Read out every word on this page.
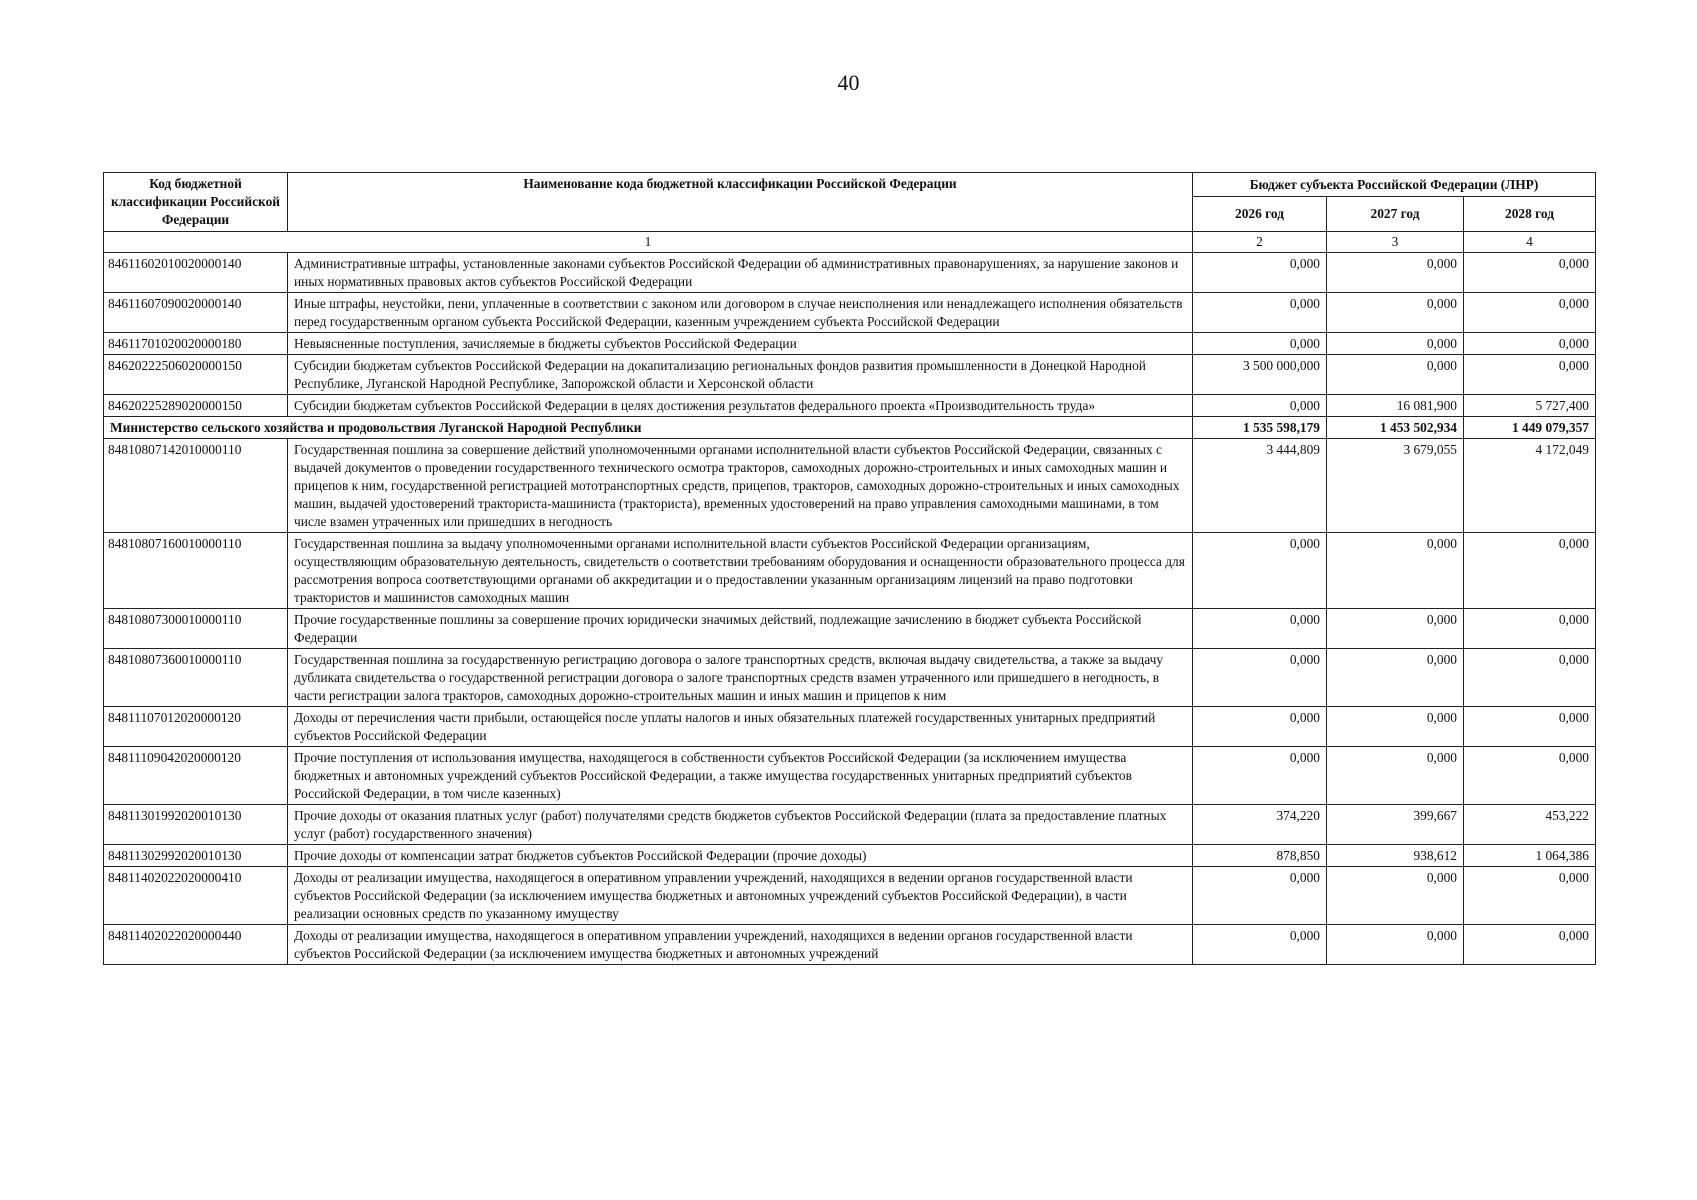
40
Код бюджетной классификации Российской Федерации	Наименование кода бюджетной классификации Российской Федерации	Бюджет субъекта Российской Федерации (ЛНР)		
		2026 год	2027 год	2028 год
1		2	3	4
84611602010020000140	Административные штрафы, установленные законами субъектов Российской Федерации об административных правонарушениях, за нарушение законов и иных нормативных правовых актов субъектов Российской Федерации	0,000	0,000	0,000
84611607090020000140	Иные штрафы, неустойки, пени, уплаченные в соответствии с законом или договором в случае неисполнения или ненадлежащего исполнения обязательств перед государственным органом субъекта Российской Федерации, казенным учреждением субъекта Российской Федерации	0,000	0,000	0,000
84611701020020000180	Невыясненные поступления, зачисляемые в бюджеты субъектов Российской Федерации	0,000	0,000	0,000
84620222506020000150	Субсидии бюджетам субъектов Российской Федерации на докапитализацию региональных фондов развития промышленности в Донецкой Народной Республике, Луганской Народной Республике, Запорожской области и Херсонской области	3 500 000,000	0,000	0,000
84620225289020000150	Субсидии бюджетам субъектов Российской Федерации в целях достижения результатов федерального проекта «Производительность труда»	0,000	16 081,900	5 727,400
Министерство сельского хозяйства и продовольствия Луганской Народной Республики		1 535 598,179	1 453 502,934	1 449 079,357
84810807142010000110	Государственная пошлина за совершение действий уполномоченными органами исполнительной власти субъектов Российской Федерации, связанных с выдачей документов о проведении государственного технического осмотра тракторов, самоходных дорожно-строительных и иных самоходных машин и прицепов к ним, государственной регистрацией мототранспортных средств, прицепов, тракторов, самоходных дорожно-строительных и иных самоходных машин, выдачей удостоверений тракториста-машиниста (тракториста), временных удостоверений на право управления самоходными машинами, в том числе взамен утраченных или пришедших в негодность	3 444,809	3 679,055	4 172,049
84810807160010000110	Государственная пошлина за выдачу уполномоченными органами исполнительной власти субъектов Российской Федерации организациям, осуществляющим образовательную деятельность, свидетельств о соответствии требованиям оборудования и оснащенности образовательного процесса для рассмотрения вопроса соответствующими органами об аккредитации и о предоставлении указанным организациям лицензий на право подготовки трактористов и машинистов самоходных машин	0,000	0,000	0,000
84810807300010000110	Прочие государственные пошлины за совершение прочих юридически значимых действий, подлежащие зачислению в бюджет субъекта Российской Федерации	0,000	0,000	0,000
84810807360010000110	Государственная пошлина за государственную регистрацию договора о залоге транспортных средств, включая выдачу свидетельства, а также за выдачу дубликата свидетельства о государственной регистрации договора о залоге транспортных средств взамен утраченного или пришедшего в негодность, в части регистрации залога тракторов, самоходных дорожно-строительных машин и иных машин и прицепов к ним	0,000	0,000	0,000
84811107012020000120	Доходы от перечисления части прибыли, остающейся после уплаты налогов и иных обязательных платежей государственных унитарных предприятий субъектов Российской Федерации	0,000	0,000	0,000
84811109042020000120	Прочие поступления от использования имущества, находящегося в собственности субъектов Российской Федерации (за исключением имущества бюджетных и автономных учреждений субъектов Российской Федерации, а также имущества государственных унитарных предприятий субъектов Российской Федерации, в том числе казенных)	0,000	0,000	0,000
84811301992020010130	Прочие доходы от оказания платных услуг (работ) получателями средств бюджетов субъектов Российской Федерации (плата за предоставление платных услуг (работ) государственного значения)	374,220	399,667	453,222
84811302992020010130	Прочие доходы от компенсации затрат бюджетов субъектов Российской Федерации (прочие доходы)	878,850	938,612	1 064,386
84811402022020000410	Доходы от реализации имущества, находящегося в оперативном управлении учреждений, находящихся в ведении органов государственной власти субъектов Российской Федерации (за исключением имущества бюджетных и автономных учреждений субъектов Российской Федерации), в части реализации основных средств по указанному имуществу	0,000	0,000	0,000
84811402022020000440	Доходы от реализации имущества, находящегося в оперативном управлении учреждений, находящихся в ведении органов государственной власти субъектов Российской Федерации (за исключением имущества бюджетных и автономных учреждений	0,000	0,000	0,000
